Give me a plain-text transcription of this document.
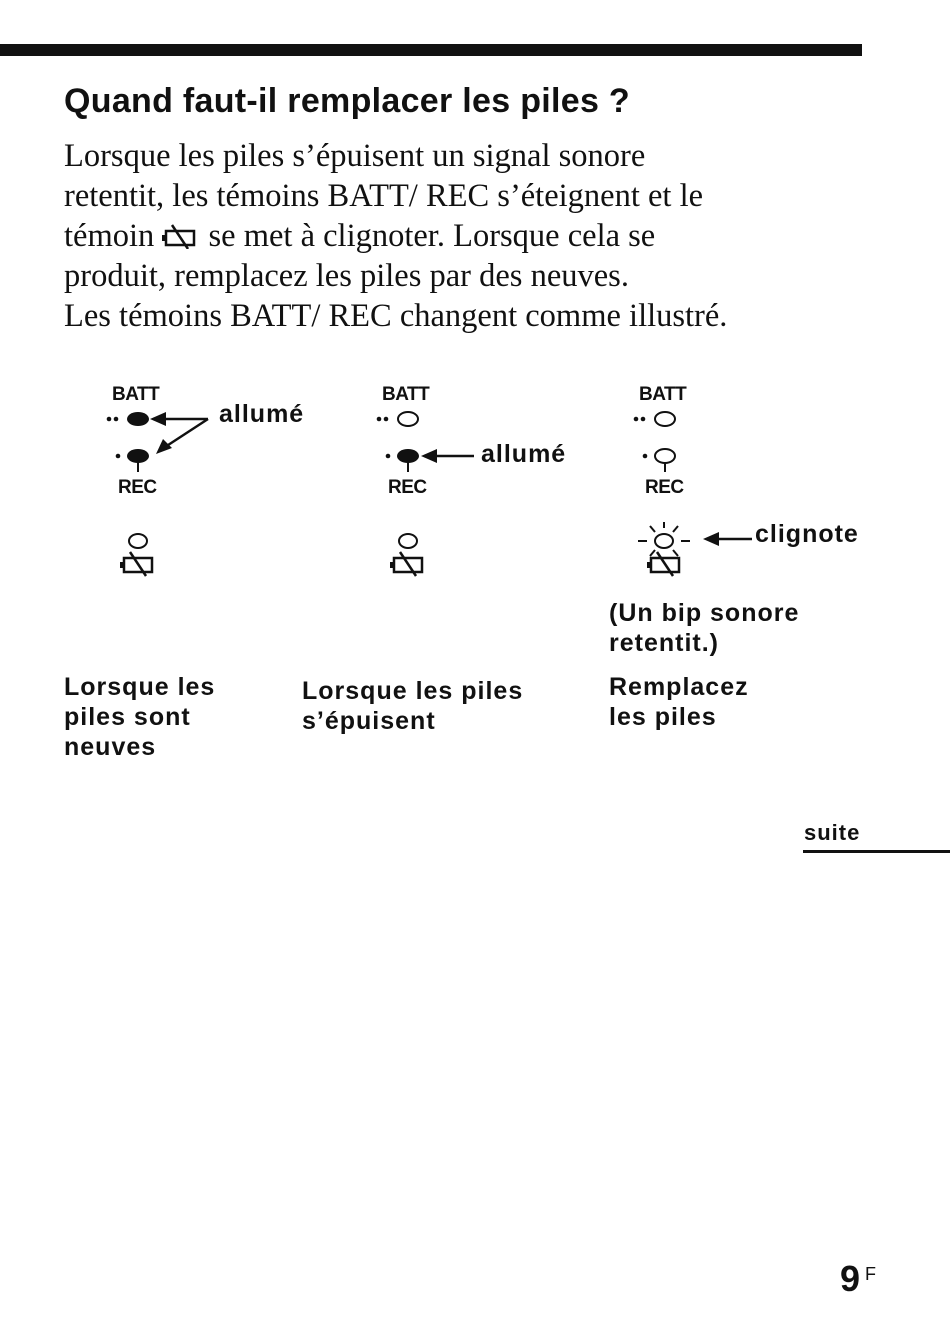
Quand faut-il remplacer les piles ?
Lorsque les piles s’épuisent un signal sonore
retentit, les témoins BATT/ REC s’éteignent et le
témoin se met à clignoter. Lorsque cela se
produit, remplacez les piles par des neuves.
Les témoins BATT/ REC changent comme illustré.
BATT
REC
allumé
BATT
REC
allumé
BATT
REC
clignote
(Un bip sonore
retentit.)
Lorsque les
piles sont
neuves
Lorsque les piles
s’épuisent
Remplacez
les piles
suite
9 F
